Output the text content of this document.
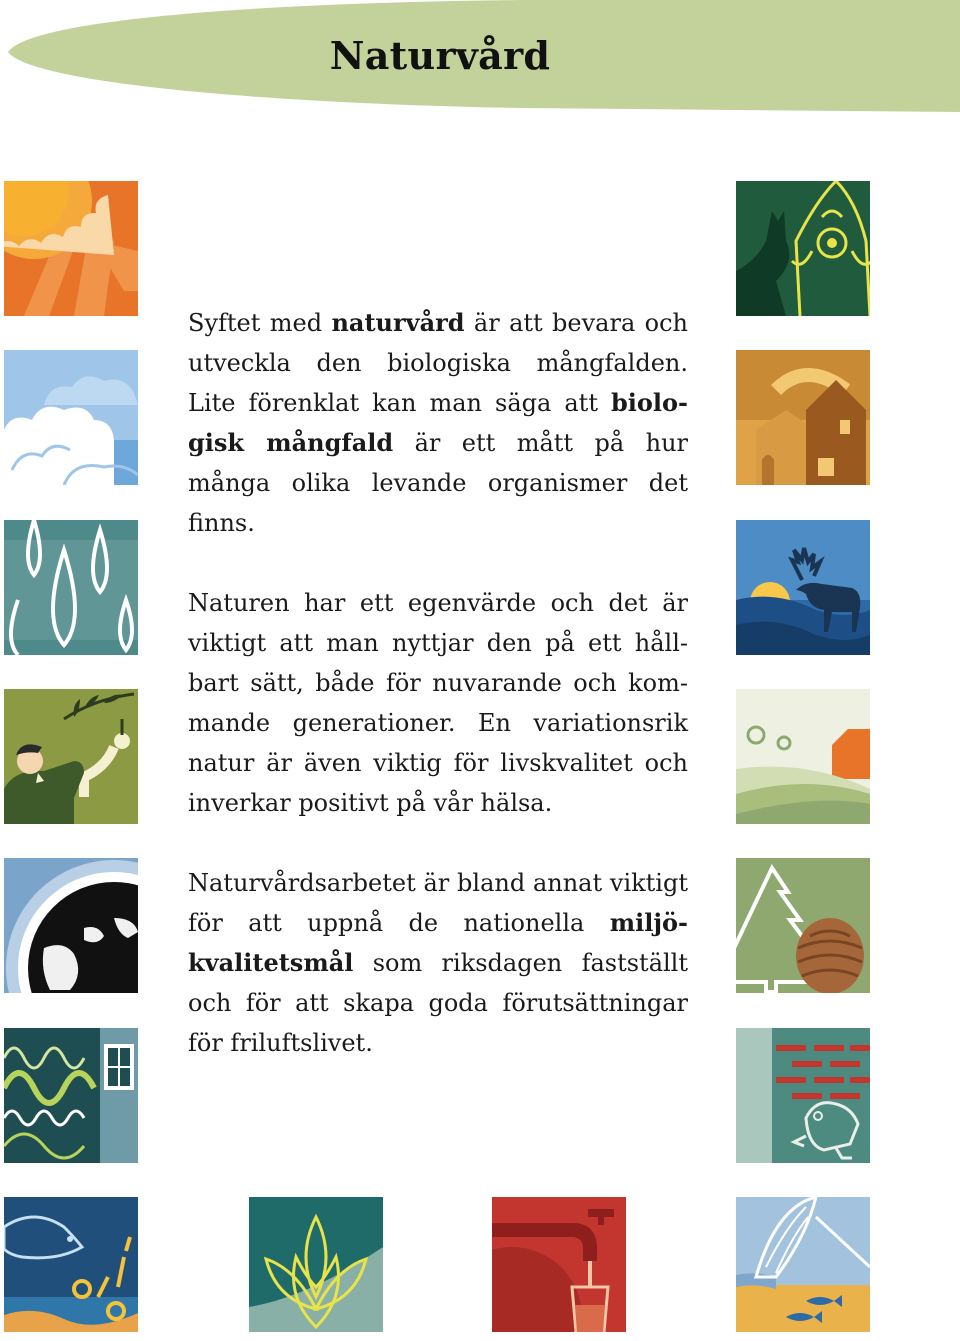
Naturvård

Syftet med naturvård är att bevara och utveckla den biologiska mångfalden. Lite förenklat kan man säga att biologisk mångfald är ett mått på hur många olika levande organismer det finns.

Naturen har ett egenvärde och det är viktigt att man nyttjar den på ett hållbart sätt, både för nuvarande och kommande generationer. En variationsrik natur är även viktig för livskvalitet och inverkar positivt på vår hälsa.

Naturvårdsarbetet är bland annat viktigt för att uppnå de nationella miljökvalitetsmål som riksdagen fastställt och för att skapa goda förutsättningar för friluftslivet.
